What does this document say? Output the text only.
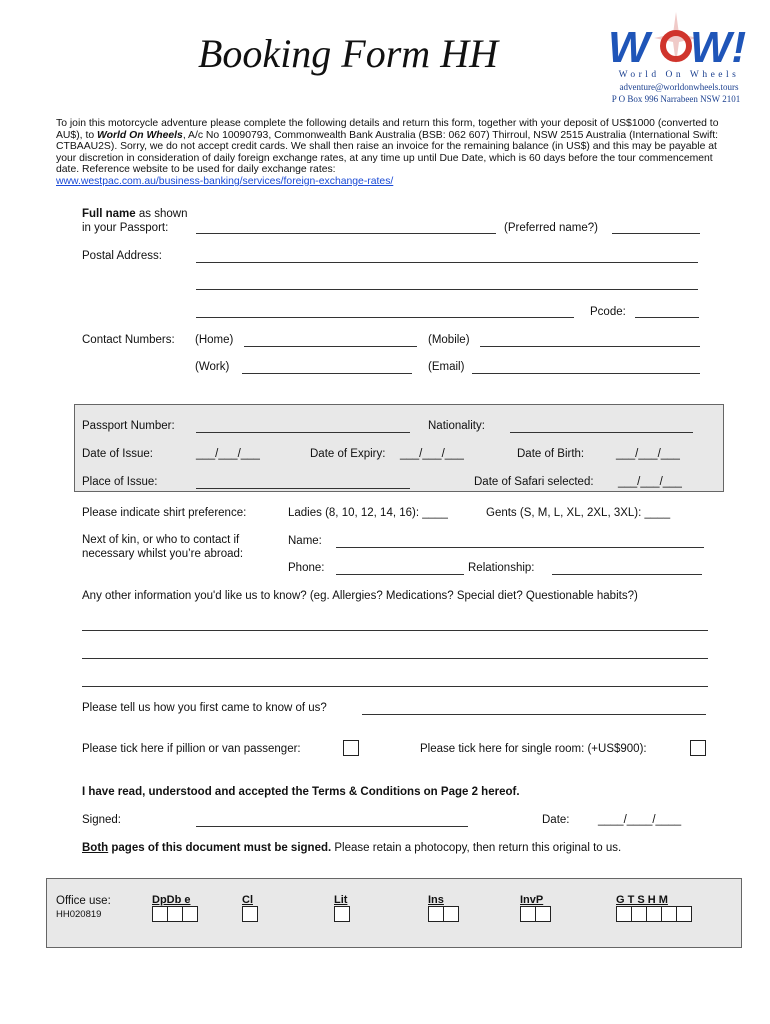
Booking Form HH	W W!
World On Wheels
adventure@worldonwheels.tours
P O Box 996 Narrabeen NSW 2101
To join this motorcycle adventure please complete the following details and return this form, together with your deposit of US$1000 (converted to AU$), to World On Wheels, A/c No 10090793, Commonwealth Bank Australia (BSB: 062 607) Thirroul, NSW 2515 Australia (International Swift: CTBAAU2S). Sorry, we do not accept credit cards. We shall then raise an invoice for the remaining balance (in US$) and this may be payable at your discretion in consideration of daily foreign exchange rates, at any time up until Due Date, which is 60 days before the tour commencement date. Reference website to be used for daily exchange rates:
www.westpac.com.au/business-banking/services/foreign-exchange-rates/
Full name as shown
in your Passport:	(Preferred name?)
Postal Address:
Pcode:
Contact Numbers: (Home)	(Mobile)
(Work)	(Email)
Passport Number:	Nationality:
Date of Issue:	___/___/___	Date of Expiry: ___/___/___	Date of Birth:	___/___/___
Place of Issue:	Date of Safari selected: ___/___/___
Please indicate shirt preference:	Ladies (8, 10, 12, 14, 16): ____	Gents (S, M, L, XL, 2XL, 3XL): ____
Next of kin, or who to contact if
necessary whilst you’re abroad:
Name:
Phone:	Relationship:
Any other information you'd like us to know? (eg. Allergies? Medications? Special diet? Questionable habits?)
Please tell us how you first came to know of us?
Please tick here if pillion or van passenger:	Please tick here for single room: (+US$900):
I have read, understood and accepted the Terms & Conditions on Page 2 hereof.
Signed:	Date: ____/____/____
Both pages of this document must be signed. Please retain a photocopy, then return this original to us.
Office use:
HH020819
DpDb e	Cl	Lit	Ins	InvP	G T S H M
